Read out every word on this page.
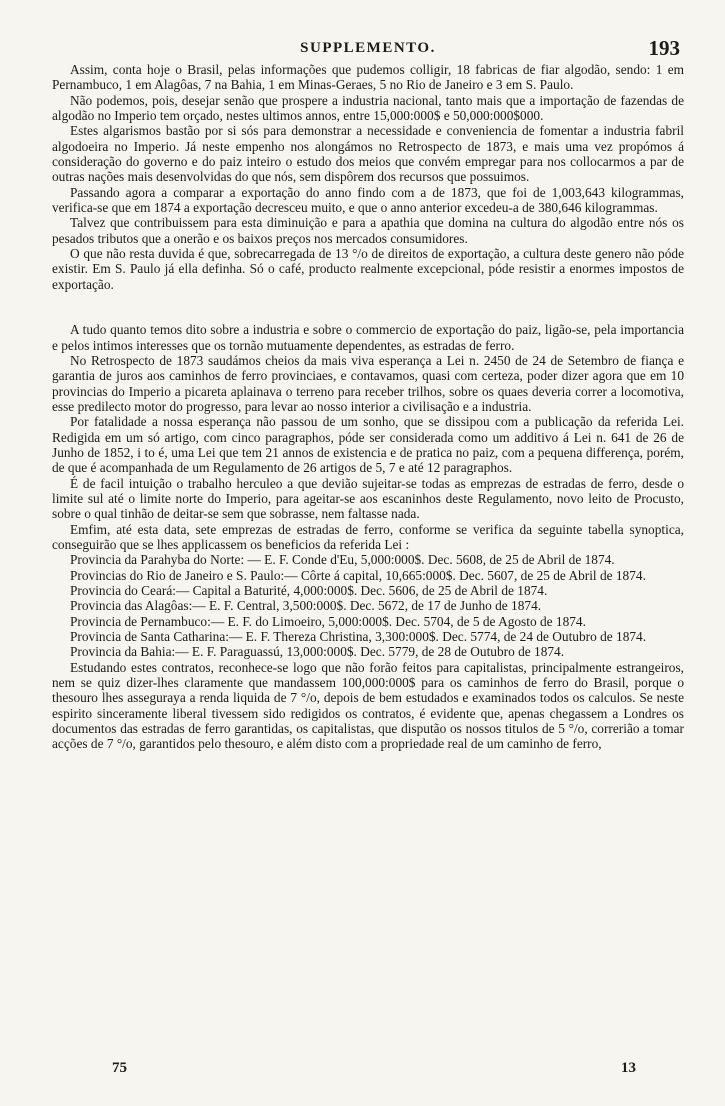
SUPPLEMENTO.	193

Assim, conta hoje o Brasil, pelas informações que pudemos colligir, 18 fabricas de fiar algodão, sendo: 1 em Pernambuco, 1 em Alagôas, 7 na Bahia, 1 em Minas-Geraes, 5 no Rio de Janeiro e 3 em S. Paulo.

Não podemos, pois, desejar senão que prospere a industria nacional, tanto mais que a importação de fazendas de algodão no Imperio tem orçado, nestes ultimos annos, entre 15,000:000$ e 50,000:000$000.

Estes algarismos bastão por si sós para demonstrar a necessidade e conveniencia de fomentar a industria fabril algodoeira no Imperio. Já neste empenho nos alongámos no Retrospecto de 1873, e mais uma vez propómos á consideração do governo e do paiz inteiro o estudo dos meios que convém empregar para nos collocarmos a par de outras nações mais desenvolvidas do que nós, sem dispôrem dos recursos que possuimos.

Passando agora a comparar a exportação do anno findo com a de 1873, que foi de 1,003,643 kilogrammas, verifica-se que em 1874 a exportação decresceu muito, e que o anno anterior excedeu-a de 380,646 kilogrammas.

Talvez que contribuissem para esta diminuição e para a apathia que domina na cultura do algodão entre nós os pesados tributos que a onerão e os baixos preços nos mercados consumidores.

O que não resta duvida é que, sobrecarregada de 13 °/o de direitos de exportação, a cultura deste genero não póde existir. Em S. Paulo já ella definha. Só o café, producto realmente excepcional, póde resistir a enormes impostos de exportação.

A tudo quanto temos dito sobre a industria e sobre o commercio de exportação do paiz, ligão-se, pela importancia e pelos intimos interesses que os tornão mutuamente dependentes, as estradas de ferro.

No Retrospecto de 1873 saudámos cheios da mais viva esperança a Lei n. 2450 de 24 de Setembro de fiança e garantia de juros aos caminhos de ferro provinciaes, e contavamos, quasi com certeza, poder dizer agora que em 10 provincias do Imperio a picareta aplainava o terreno para receber trilhos, sobre os quaes deveria correr a locomotiva, esse predilecto motor do progresso, para levar ao nosso interior a civilisação e a industria.

Por fatalidade a nossa esperança não passou de um sonho, que se dissipou com a publicação da referida Lei. Redigida em um só artigo, com cinco paragraphos, póde ser considerada como um additivo á Lei n. 641 de 26 de Junho de 1852, i to é, uma Lei que tem 21 annos de existencia e de pratica no paiz, com a pequena differença, porém, de que é acompanhada de um Regulamento de 26 artigos de 5, 7 e até 12 paragraphos.

É de facil intuição o trabalho herculeo a que devião sujeitar-se todas as emprezas de estradas de ferro, desde o limite sul até o limite norte do Imperio, para ageitar-se aos escaninhos deste Regulamento, novo leito de Procusto, sobre o qual tinhão de deitar-se sem que sobrasse, nem faltasse nada.

Emfim, até esta data, sete emprezas de estradas de ferro, conforme se verifica da seguinte tabella synoptica, conseguirão que se lhes applicassem os beneficios da referida Lei :

Provincia da Parahyba do Norte: — E. F. Conde d'Eu, 5,000:000$. Dec. 5608, de 25 de Abril de 1874.

Provincias do Rio de Janeiro e S. Paulo:— Côrte á capital, 10,665:000$. Dec. 5607, de 25 de Abril de 1874.

Provincia do Ceará:— Capital a Baturité, 4,000:000$. Dec. 5606, de 25 de Abril de 1874.

Provincia das Alagôas:— E. F. Central, 3,500:000$. Dec. 5672, de 17 de Junho de 1874.

Provincia de Pernambuco:— E. F. do Limoeiro, 5,000:000$. Dec. 5704, de 5 de Agosto de 1874.

Provincia de Santa Catharina:— E. F. Thereza Christina, 3,300:000$. Dec. 5774, de 24 de Outubro de 1874.

Provincia da Bahia:— E. F. Paraguassú, 13,000:000$. Dec. 5779, de 28 de Outubro de 1874.

Estudando estes contratos, reconhece-se logo que não forão feitos para capitalistas, principalmente estrangeiros, nem se quiz dizer-lhes claramente que mandassem 100,000:000$ para os caminhos de ferro do Brasil, porque o thesouro lhes asseguraya a renda liquida de 7 °/o, depois de bem estudados e examinados todos os calculos. Se neste espirito sinceramente liberal tivessem sido redigidos os contratos, é evidente que, apenas chegassem a Londres os documentos das estradas de ferro garantidas, os capitalistas, que disputão os nossos titulos de 5 °/o, correrião a tomar acções de 7 °/o, garantidos pelo thesouro, e além disto com a propriedade real de um caminho de ferro,

75	13
